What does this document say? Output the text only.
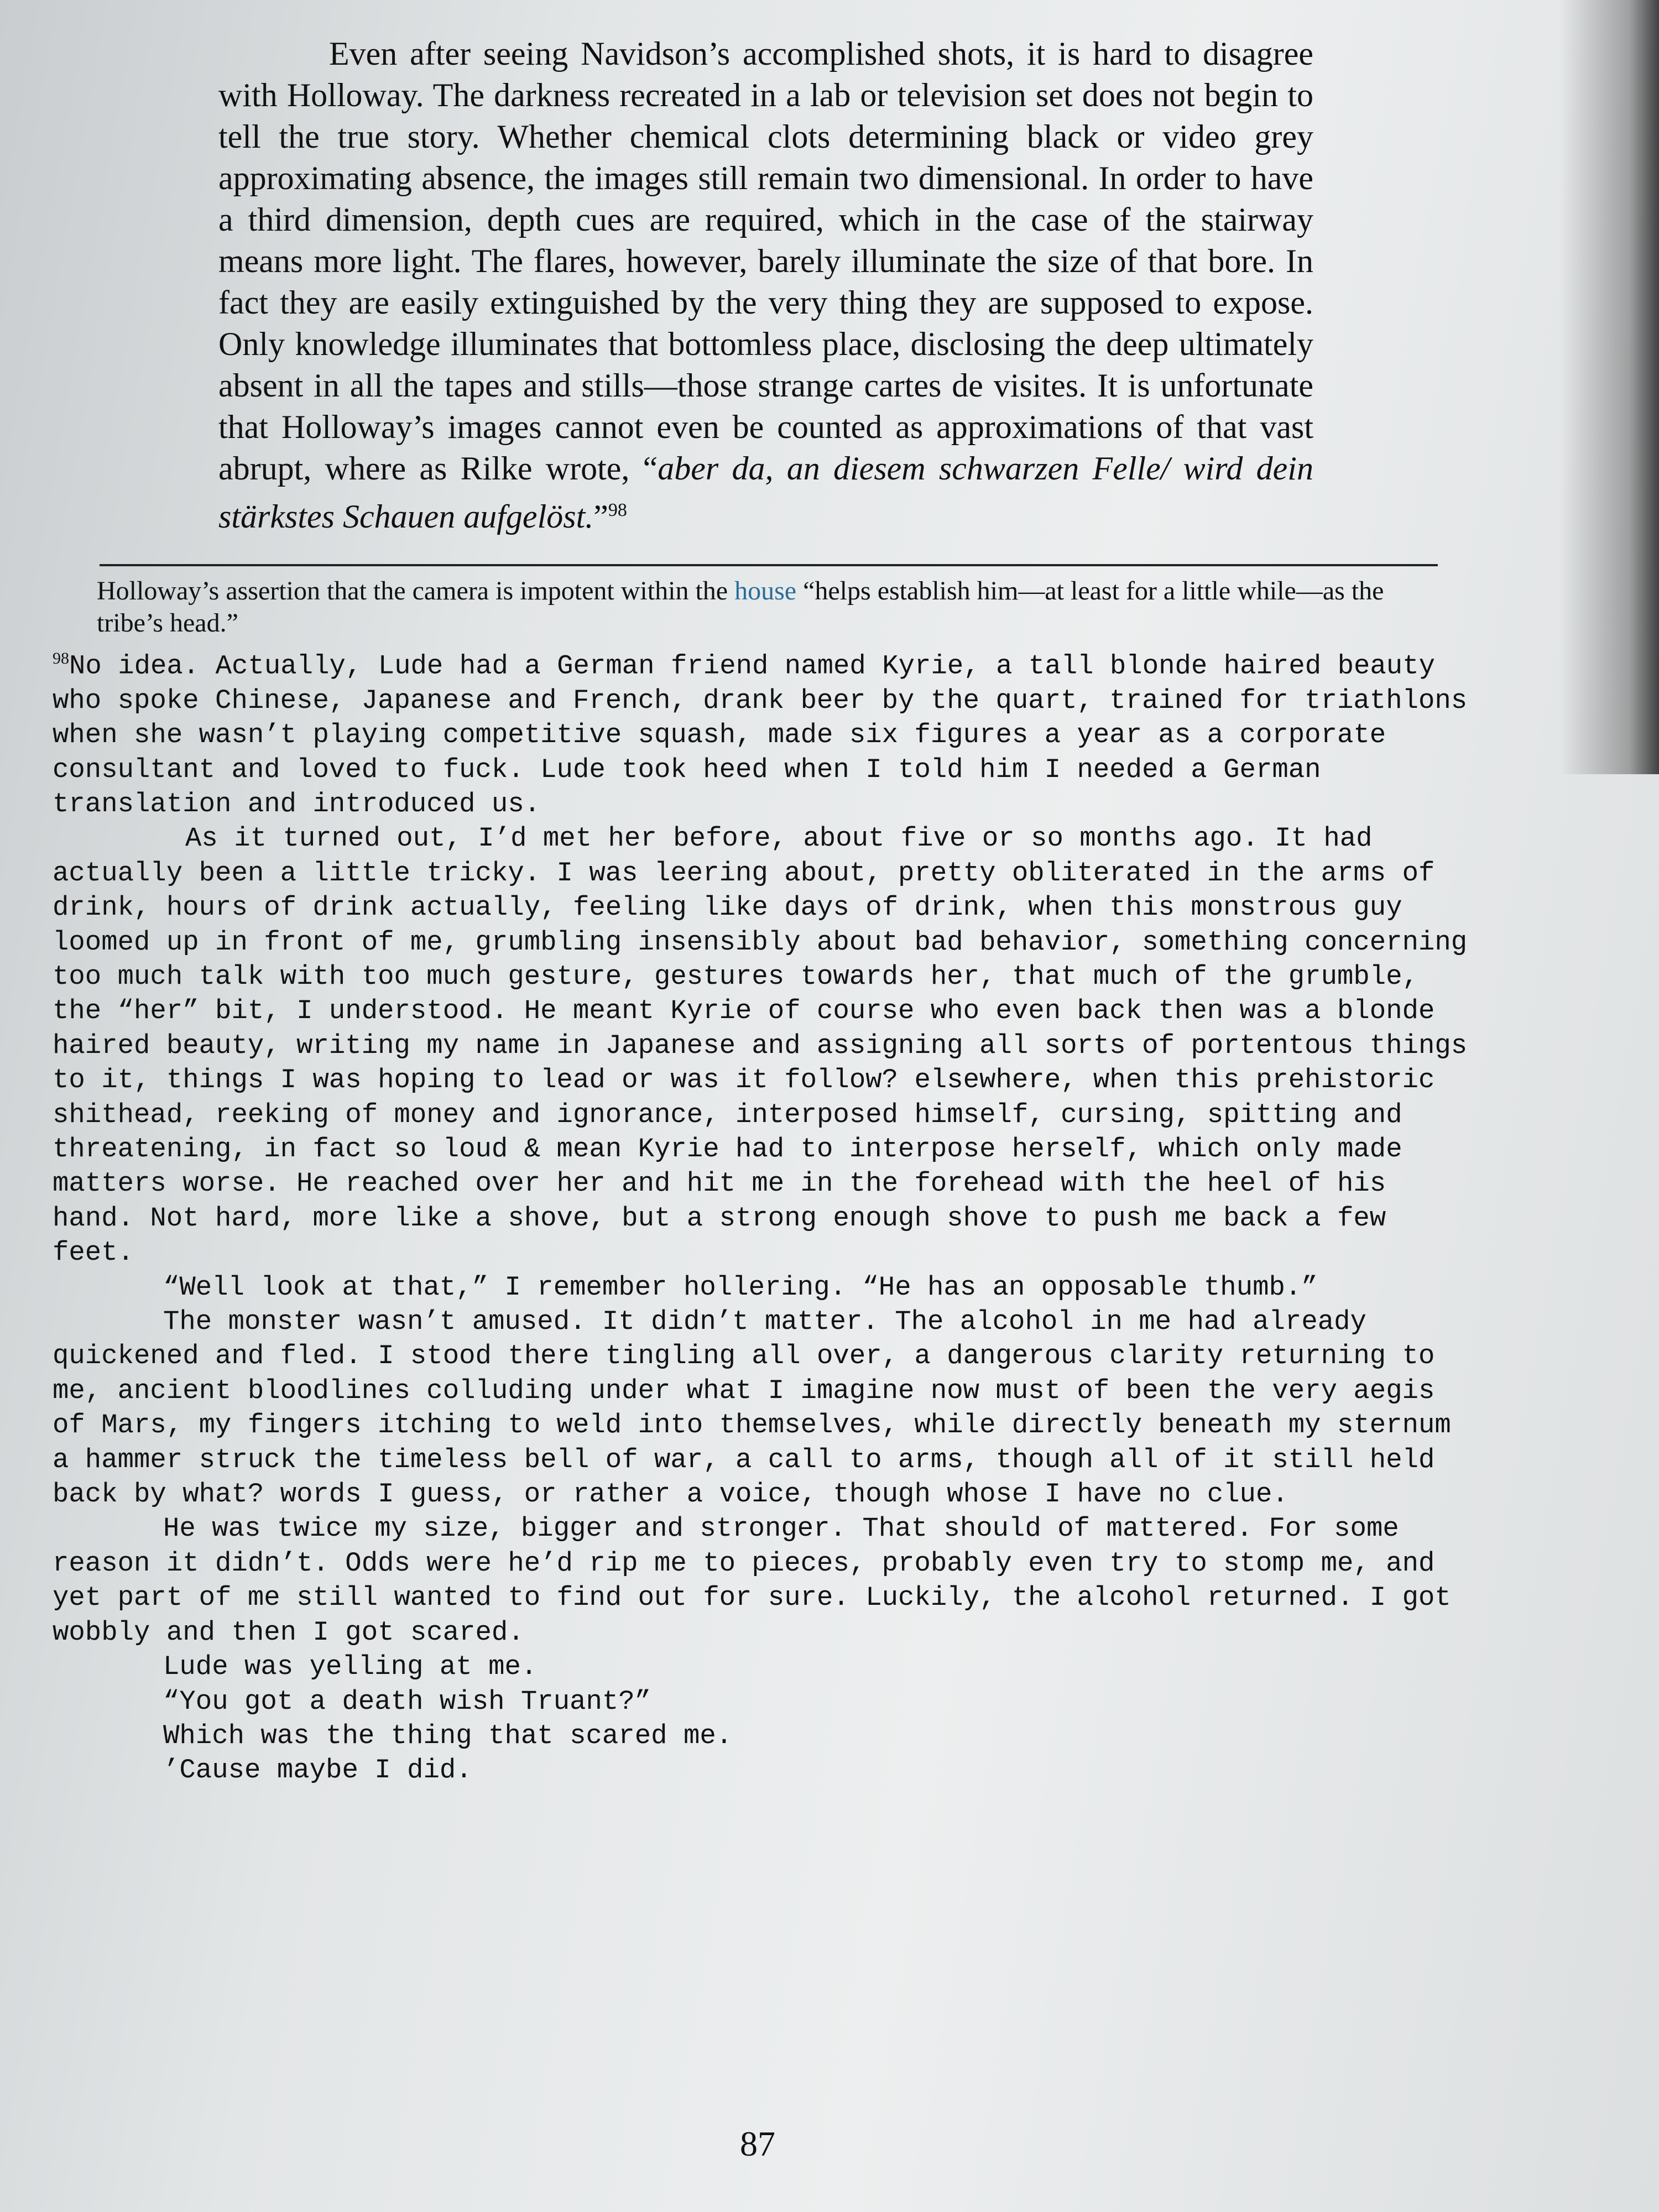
Even after seeing Navidson’s accomplished shots, it is hard to disagree with Holloway. The darkness recreated in a lab or television set does not begin to tell the true story. Whether chemical clots determining black or video grey approximating absence, the images still remain two dimensional. In order to have a third dimension, depth cues are required, which in the case of the stairway means more light. The flares, however, barely illuminate the size of that bore. In fact they are easily extinguished by the very thing they are supposed to expose. Only knowledge illuminates that bottomless place, disclosing the deep ultimately absent in all the tapes and stills—those strange cartes de visites. It is unfortunate that Holloway’s images cannot even be counted as approximations of that vast abrupt, where as Rilke wrote, “aber da, an diesem schwarzen Felle/ wird dein stärkstes Schauen aufgelöst.”$^{98}$
Holloway’s assertion that the camera is impotent within the house “helps establish him—at least for a little while—as the tribe’s head.”

$^{98}$No idea. Actually, Lude had a German friend named Kyrie, a tall blonde haired beauty who spoke Chinese, Japanese and French, drank beer by the quart, trained for triathlons when she wasn’t playing competitive squash, made six figures a year as a corporate consultant and loved to fuck. Lude took heed when I told him I needed a German translation and introduced us.

As it turned out, I’d met her before, about five or so months ago. It had actually been a little tricky. I was leering about, pretty obliterated in the arms of drink, hours of drink actually, feeling like days of drink, when this monstrous guy loomed up in front of me, grumbling insensibly about bad behavior, something concerning too much talk with too much gesture, gestures towards her, that much of the grumble, the “her” bit, I understood. He meant Kyrie of course who even back then was a blonde haired beauty, writing my name in Japanese and assigning all sorts of portentous things to it, things I was hoping to lead or was it follow? elsewhere, when this prehistoric shithead, reeking of money and ignorance, interposed himself, cursing, spitting and threatening, in fact so loud & mean Kyrie had to interpose herself, which only made matters worse. He reached over her and hit me in the forehead with the heel of his hand. Not hard, more like a shove, but a strong enough shove to push me back a few feet.

“Well look at that,” I remember hollering. “He has an opposable thumb.”

The monster wasn’t amused. It didn’t matter. The alcohol in me had already quickened and fled. I stood there tingling all over, a dangerous clarity returning to me, ancient bloodlines colluding under what I imagine now must of been the very aegis of Mars, my fingers itching to weld into themselves, while directly beneath my sternum a hammer struck the timeless bell of war, a call to arms, though all of it still held back by what? words I guess, or rather a voice, though whose I have no clue.

He was twice my size, bigger and stronger. That should of mattered. For some reason it didn’t. Odds were he’d rip me to pieces, probably even try to stomp me, and yet part of me still wanted to find out for sure. Luckily, the alcohol returned. I got wobbly and then I got scared.

Lude was yelling at me.

“You got a death wish Truant?”

Which was the thing that scared me.

’Cause maybe I did.

87
